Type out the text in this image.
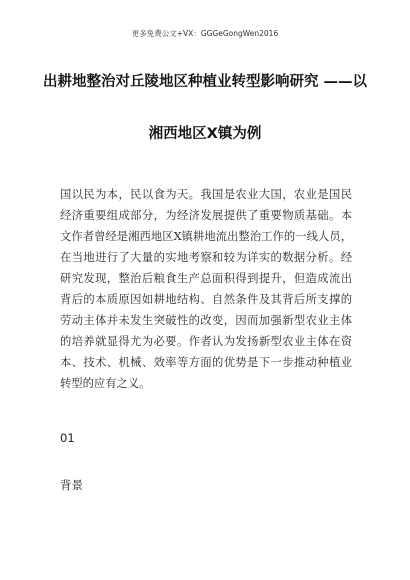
更多免费公文+VX：GGGeGongWen2016
出耕地整治对丘陵地区种植业转型影响研究 ——以
湘西地区X镇为例
国以民为本，民以食为天。我国是农业大国，农业是国民
经济重要组成部分，为经济发展提供了重要物质基础。本
文作者曾经是湘西地区X镇耕地流出整治工作的一线人员，
在当地进行了大量的实地考察和较为详实的数据分析。经
研究发现，整治后粮食生产总面积得到提升，但造成流出
背后的本质原因如耕地结构、自然条件及其背后所支撑的
劳动主体并未发生突破性的改变，因而加强新型农业主体
的培养就显得尤为必要。作者认为发扬新型农业主体在资
本、技术、机械、效率等方面的优势是下一步推动种植业
转型的应有之义。
01
背景
